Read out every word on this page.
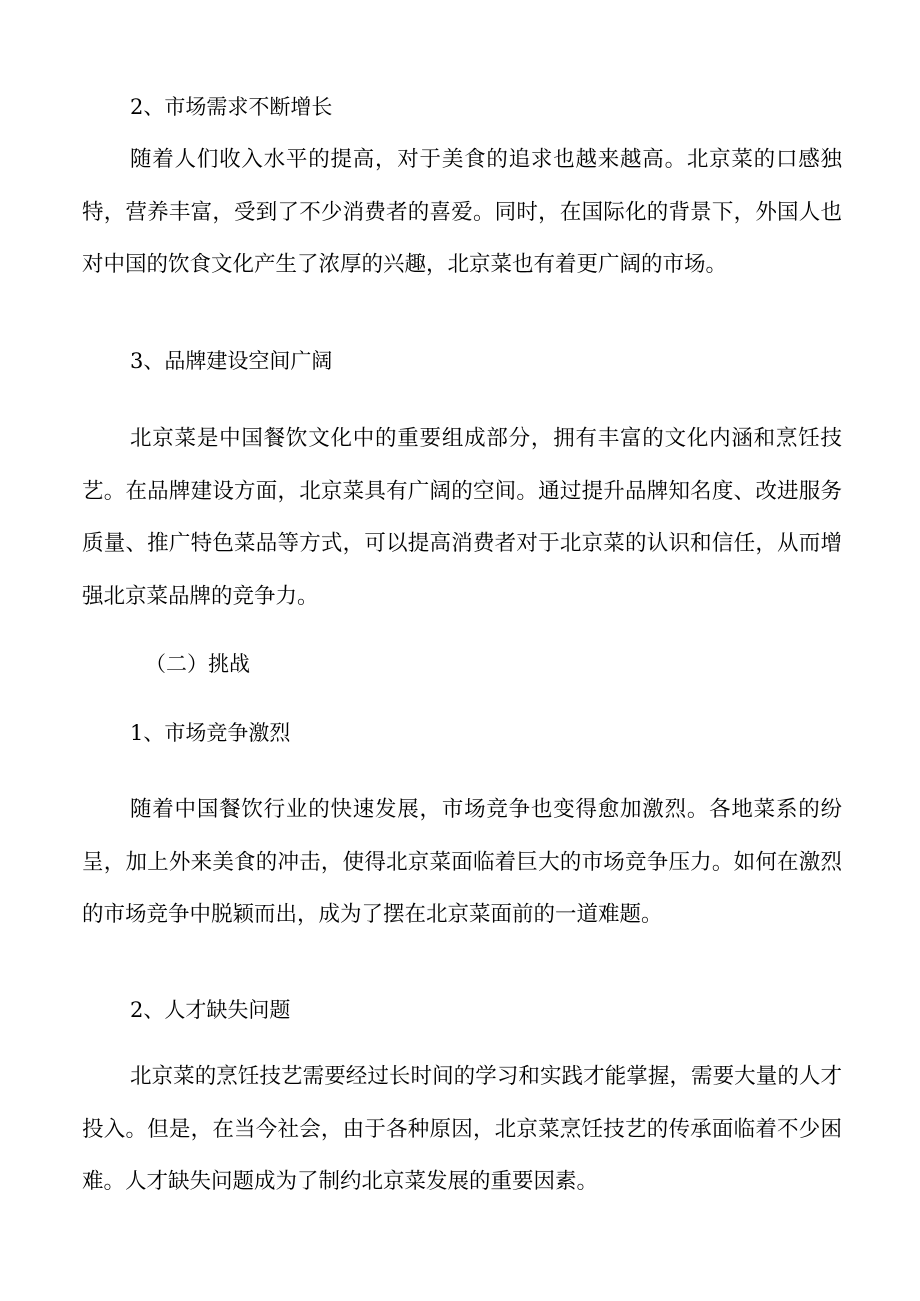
2、市场需求不断增长

随着人们收入水平的提高，对于美食的追求也越来越高。北京菜的口感独特，营养丰富，受到了不少消费者的喜爱。同时，在国际化的背景下，外国人也对中国的饮食文化产生了浓厚的兴趣，北京菜也有着更广阔的市场。

3、品牌建设空间广阔

北京菜是中国餐饮文化中的重要组成部分，拥有丰富的文化内涵和烹饪技艺。在品牌建设方面，北京菜具有广阔的空间。通过提升品牌知名度、改进服务质量、推广特色菜品等方式，可以提高消费者对于北京菜的认识和信任，从而增强北京菜品牌的竞争力。

（二）挑战
1、市场竞争激烈

随着中国餐饮行业的快速发展，市场竞争也变得愈加激烈。各地菜系的纷呈，加上外来美食的冲击，使得北京菜面临着巨大的市场竞争压力。如何在激烈的市场竞争中脱颖而出，成为了摆在北京菜面前的一道难题。

2、人才缺失问题

北京菜的烹饪技艺需要经过长时间的学习和实践才能掌握，需要大量的人才投入。但是，在当今社会，由于各种原因，北京菜烹饪技艺的传承面临着不少困难。人才缺失问题成为了制约北京菜发展的重要因素。
